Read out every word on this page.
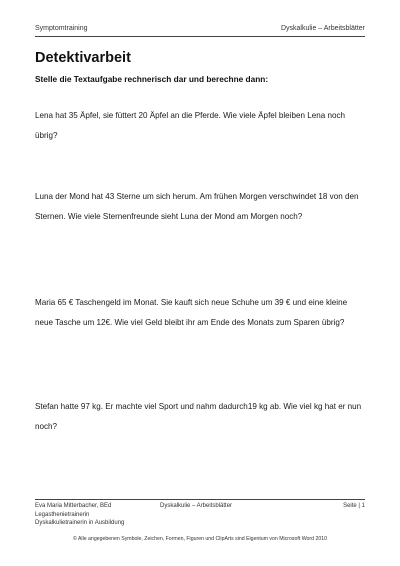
Symptomtraining	Dyskalkulie – Arbeitsblätter
Detektivarbeit

Stelle die Textaufgabe rechnerisch dar und berechne dann:

Lena hat 35 Äpfel, sie füttert 20 Äpfel an die Pferde. Wie viele Äpfel bleiben Lena noch übrig?

Luna der Mond hat 43 Sterne um sich herum. Am frühen Morgen verschwindet 18 von den Sternen. Wie viele Sternenfreunde sieht Luna der Mond am Morgen noch?

Maria 65 € Taschengeld im Monat. Sie kauft sich neue Schuhe um 39 € und eine kleine neue Tasche um 12€. Wie viel Geld bleibt ihr am Ende des Monats zum Sparen übrig?

Stefan hatte 97 kg. Er machte viel Sport und nahm dadurch19 kg ab. Wie viel kg hat er nun noch?

Eva Maria Mitterbacher, BEd
Legasthenietrainerin
Dyskalkulietrainerin in Ausbildung
Dyskalkulie – Arbeitsblätter	Seite | 1
© Alle angegebenen Symbole, Zeichen, Formen, Figuren und ClipArts sind Eigentum von Microsoft Word 2010
